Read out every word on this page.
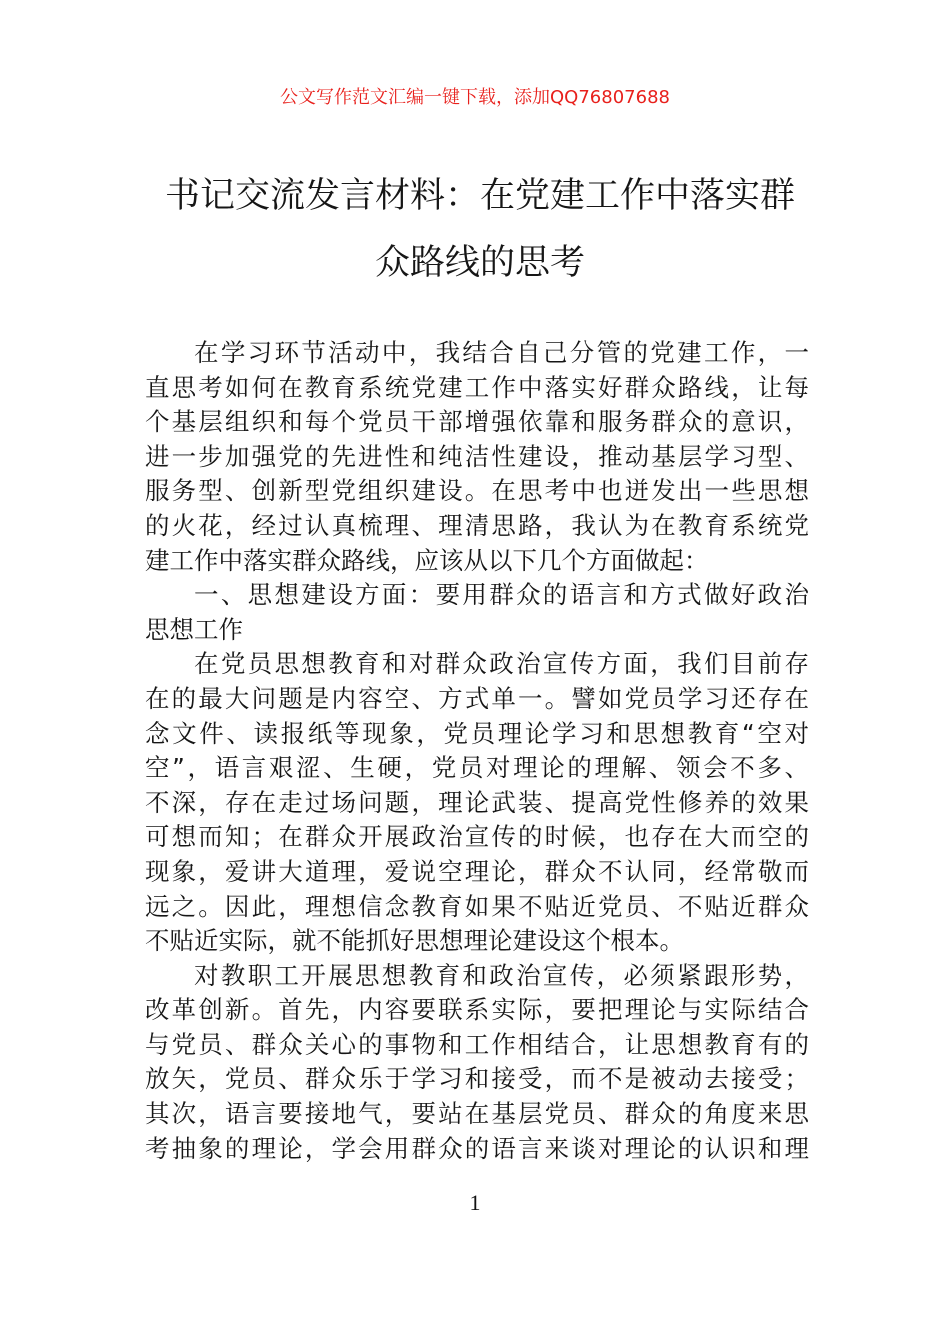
公文写作范文汇编一键下载，添加QQ76807688
书记交流发言材料：在党建工作中落实群
众路线的思考
在学习环节活动中，我结合自己分管的党建工作，一
直思考如何在教育系统党建工作中落实好群众路线，让每
个基层组织和每个党员干部增强依靠和服务群众的意识，
进一步加强党的先进性和纯洁性建设，推动基层学习型、
服务型、创新型党组织建设。在思考中也迸发出一些思想
的火花，经过认真梳理、理清思路，我认为在教育系统党
建工作中落实群众路线，应该从以下几个方面做起：
一、思想建设方面：要用群众的语言和方式做好政治
思想工作
在党员思想教育和对群众政治宣传方面，我们目前存
在的最大问题是内容空、方式单一。譬如党员学习还存在
念文件、读报纸等现象，党员理论学习和思想教育“空对
空”，语言艰涩、生硬，党员对理论的理解、领会不多、
不深，存在走过场问题，理论武装、提高党性修养的效果
可想而知；在群众开展政治宣传的时候，也存在大而空的
现象，爱讲大道理，爱说空理论，群众不认同，经常敬而
远之。因此，理想信念教育如果不贴近党员、不贴近群众
不贴近实际，就不能抓好思想理论建设这个根本。
对教职工开展思想教育和政治宣传，必须紧跟形势，
改革创新。首先，内容要联系实际，要把理论与实际结合
与党员、群众关心的事物和工作相结合，让思想教育有的
放矢，党员、群众乐于学习和接受，而不是被动去接受；
其次，语言要接地气，要站在基层党员、群众的角度来思
考抽象的理论，学会用群众的语言来谈对理论的认识和理
1
